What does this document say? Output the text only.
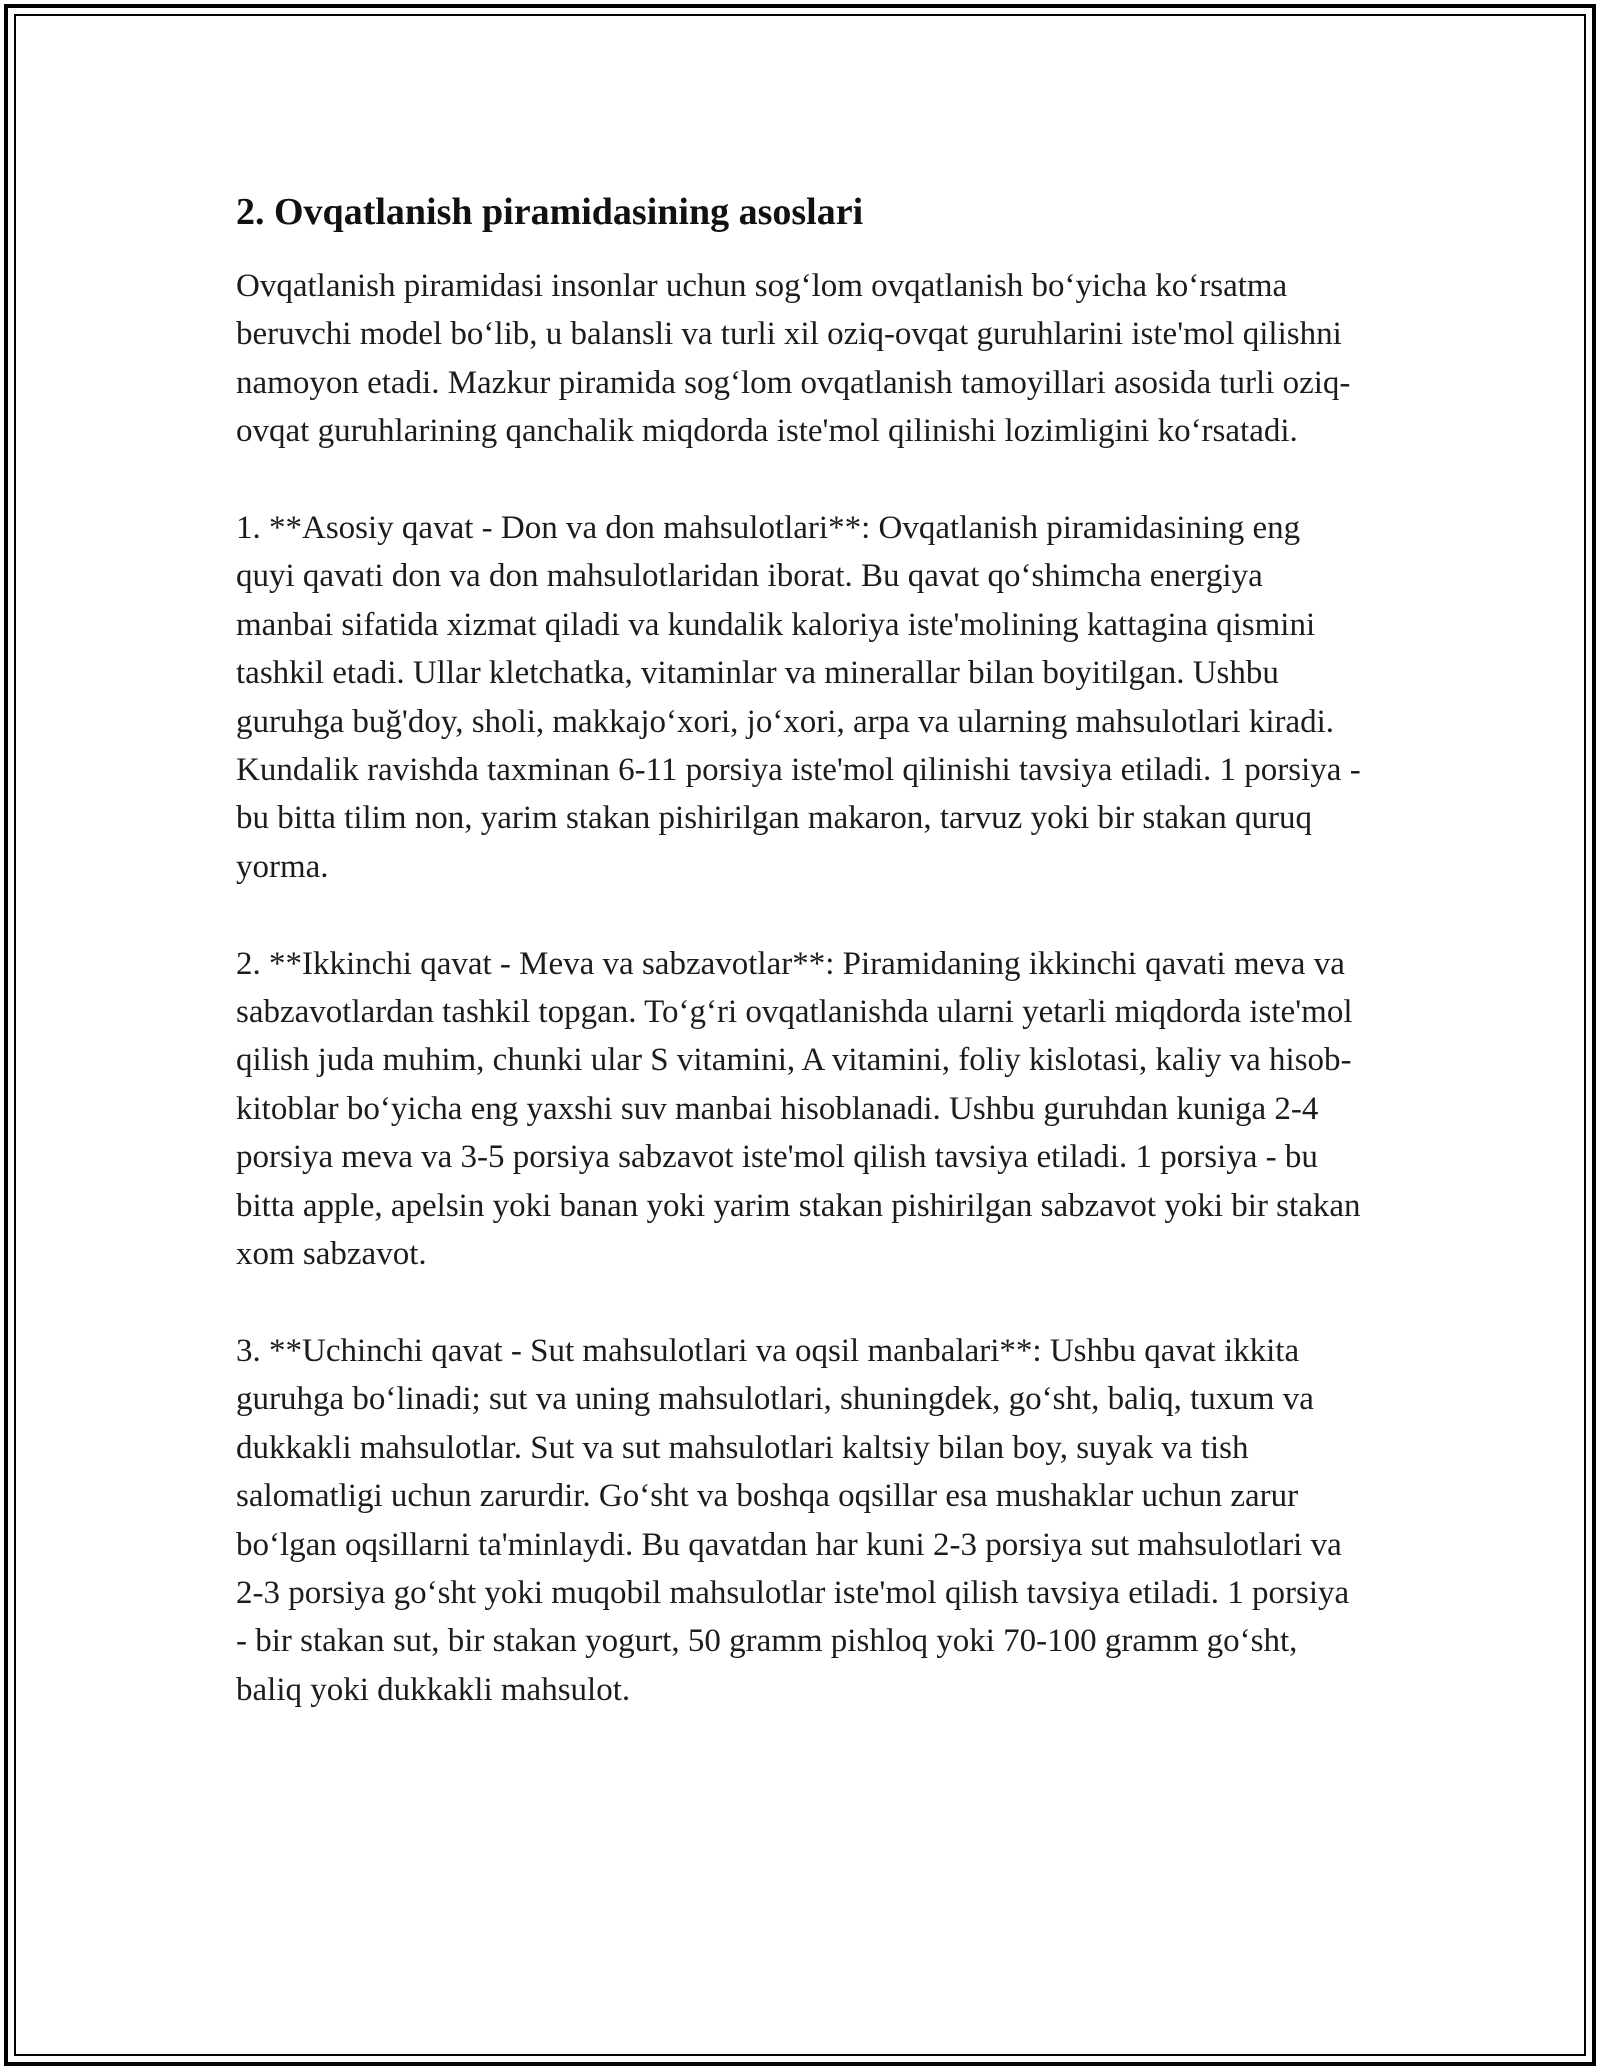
2. Ovqatlanish piramidasining asoslari

Ovqatlanish piramidasi insonlar uchun sog‘lom ovqatlanish bo‘yicha ko‘rsatma beruvchi model bo‘lib, u balansli va turli xil oziq-ovqat guruhlarini iste'mol qilishni namoyon etadi. Mazkur piramida sog‘lom ovqatlanish tamoyillari asosida turli oziq-ovqat guruhlarining qanchalik miqdorda iste'mol qilinishi lozimligini ko‘rsatadi.

1. **Asosiy qavat - Don va don mahsulotlari**: Ovqatlanish piramidasining eng quyi qavati don va don mahsulotlaridan iborat. Bu qavat qo‘shimcha energiya manbai sifatida xizmat qiladi va kundalik kaloriya iste'molining kattagina qismini tashkil etadi. Ullar kletchatka, vitaminlar va minerallar bilan boyitilgan. Ushbu guruhga buğ'doy, sholi, makkajo‘xori, jo‘xori, arpa va ularning mahsulotlari kiradi. Kundalik ravishda taxminan 6-11 porsiya iste'mol qilinishi tavsiya etiladi. 1 porsiya - bu bitta tilim non, yarim stakan pishirilgan makaron, tarvuz yoki bir stakan quruq yorma.

2. **Ikkinchi qavat - Meva va sabzavotlar**: Piramidaning ikkinchi qavati meva va sabzavotlardan tashkil topgan. To‘g‘ri ovqatlanishda ularni yetarli miqdorda iste'mol qilish juda muhim, chunki ular S vitamini, A vitamini, foliy kislotasi, kaliy va hisob-kitoblar bo‘yicha eng yaxshi suv manbai hisoblanadi. Ushbu guruhdan kuniga 2-4 porsiya meva va 3-5 porsiya sabzavot iste'mol qilish tavsiya etiladi. 1 porsiya - bu bitta apple, apelsin yoki banan yoki yarim stakan pishirilgan sabzavot yoki bir stakan xom sabzavot.

3. **Uchinchi qavat - Sut mahsulotlari va oqsil manbalari**: Ushbu qavat ikkita guruhga bo‘linadi; sut va uning mahsulotlari, shuningdek, go‘sht, baliq, tuxum va dukkakli mahsulotlar. Sut va sut mahsulotlari kaltsiy bilan boy, suyak va tish salomatligi uchun zarurdir. Go‘sht va boshqa oqsillar esa mushaklar uchun zarur bo‘lgan oqsillarni ta'minlaydi. Bu qavatdan har kuni 2-3 porsiya sut mahsulotlari va 2-3 porsiya go‘sht yoki muqobil mahsulotlar iste'mol qilish tavsiya etiladi. 1 porsiya - bir stakan sut, bir stakan yogurt, 50 gramm pishloq yoki 70-100 gramm go‘sht, baliq yoki dukkakli mahsulot.
